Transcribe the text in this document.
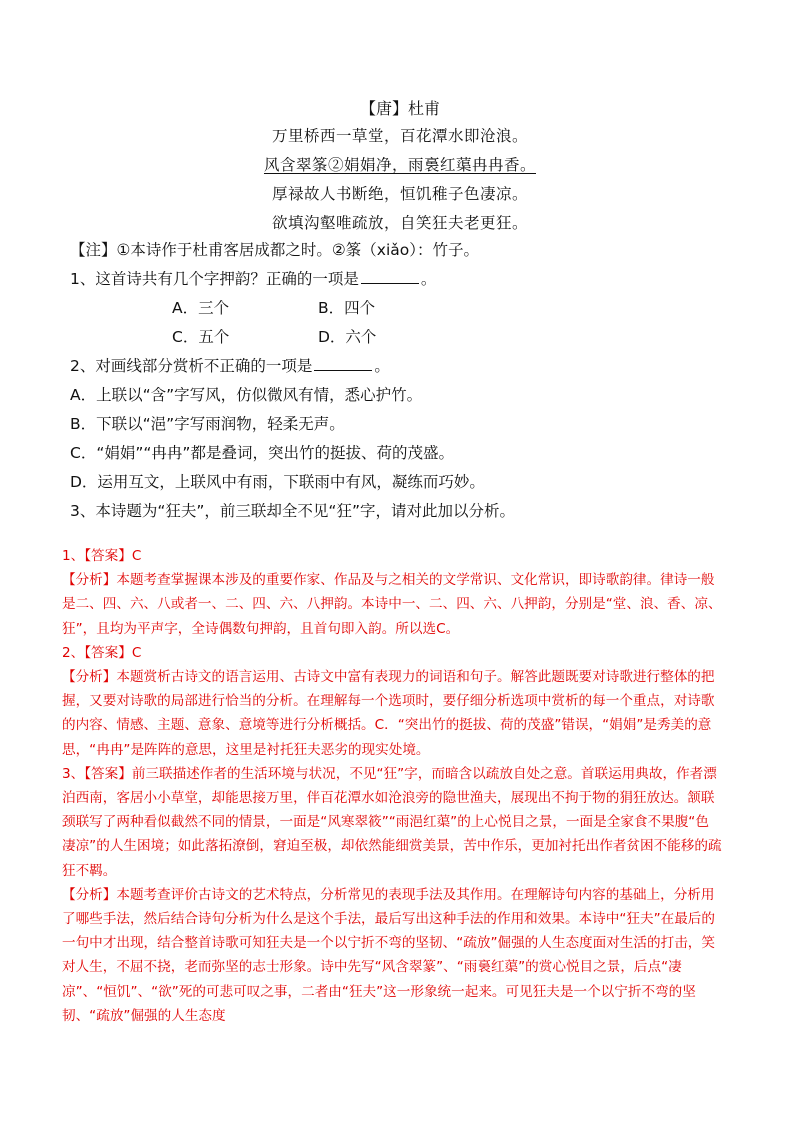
【唐】杜甫
万里桥西一草堂，百花潭水即沧浪。
风含翠筿②娟娟净，雨裛红蕖冉冉香。
厚禄故人书断绝，恒饥稚子色凄凉。
欲填沟壑唯疏放，自笑狂夫老更狂。
【注】①本诗作于杜甫客居成都之时。②筿（xiǎo）：竹子。
1、这首诗共有几个字押韵？正确的一项是	。
A．三个	B．四个
C．五个	D．六个
2、对画线部分赏析不正确的一项是	。
A．上联以“含”字写风，仿似微风有情，悉心护竹。
B．下联以“浥”字写雨润物，轻柔无声。
C．“娟娟”“冉冉”都是叠词，突出竹的挺拔、荷的茂盛。
D．运用互文，上联风中有雨，下联雨中有风，凝练而巧妙。
3、本诗题为“狂夫”，前三联却全不见“狂”字，请对此加以分析。

1、【答案】C

【分析】本题考查掌握课本涉及的重要作家、作品及与之相关的文学常识、文化常识，即诗歌韵律。律诗一般是二、四、六、八或者一、二、四、六、八押韵。本诗中一、二、四、六、八押韵，分别是“堂、浪、香、凉、狂”，且均为平声字，全诗偶数句押韵，且首句即入韵。所以选C。

2、【答案】C

【分析】本题赏析古诗文的语言运用、古诗文中富有表现力的词语和句子。解答此题既要对诗歌进行整体的把握，又要对诗歌的局部进行恰当的分析。在理解每一个选项时，要仔细分析选项中赏析的每一个重点，对诗歌的内容、情感、主题、意象、意境等进行分析概括。C．“突出竹的挺拔、荷的茂盛”错误，“娟娟”是秀美的意思，“冉冉”是阵阵的意思，这里是衬托狂夫恶劣的现实处境。

3、【答案】前三联描述作者的生活环境与状况，不见“狂”字，而暗含以疏放自处之意。首联运用典故，作者漂泊西南，客居小小草堂，却能思接万里，伴百花潭水如沧浪旁的隐世渔夫，展现出不拘于物的狷狂放达。颔联颈联写了两种看似截然不同的情景，一面是“风寒翠筱”“雨浥红蕖”的上心悦目之景，一面是全家食不果腹“色凄凉”的人生困境；如此落拓潦倒，窘迫至极，却依然能细赏美景，苦中作乐，更加衬托出作者贫困不能移的疏狂不羁。

【分析】本题考查评价古诗文的艺术特点，分析常见的表现手法及其作用。在理解诗句内容的基础上，分析用了哪些手法，然后结合诗句分析为什么是这个手法，最后写出这种手法的作用和效果。本诗中“狂夫”在最后的一句中才出现，结合整首诗歌可知狂夫是一个以宁折不弯的坚韧、“疏放”倔强的人生态度面对生活的打击，笑对人生，不屈不挠，老而弥坚的志士形象。诗中先写“风含翠篆”、“雨裛红蕖”的赏心悦目之景，后点“凄凉”、“恒饥”、“欲”死的可悲可叹之事，二者由“狂夫”这一形象统一起来。可见狂夫是一个以宁折不弯的坚韧、“疏放”倔强的人生态度
